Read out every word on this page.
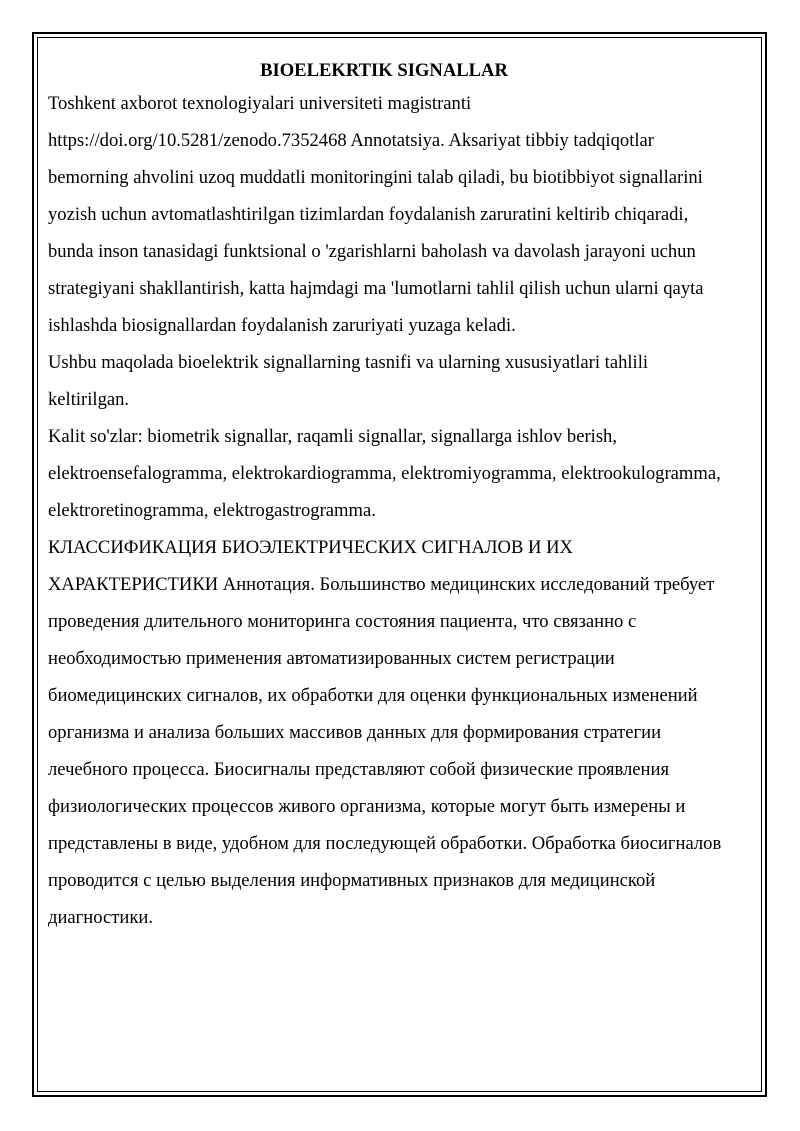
BIOELEKRTIK SIGNALLAR

Toshkent axborot texnologiyalari universiteti magistranti

https://doi.org/10.5281/zenodo.7352468 Annotatsiya. Aksariyat tibbiy tadqiqotlar bemorning ahvolini uzoq muddatli monitoringini talab qiladi, bu biotibbiyot signallarini yozish uchun avtomatlashtirilgan tizimlardan foydalanish zaruratini keltirib chiqaradi, bunda inson tanasidagi funktsional o 'zgarishlarni baholash va davolash jarayoni uchun strategiyani shakllantirish, katta hajmdagi ma 'lumotlarni tahlil qilish uchun ularni qayta ishlashda biosignallardan foydalanish zaruriyati yuzaga keladi.

Ushbu maqolada bioelektrik signallarning tasnifi va ularning xususiyatlari tahlili keltirilgan.

Kalit so'zlar: biometrik signallar, raqamli signallar, signallarga ishlov berish, elektroensefalogramma, elektrokardiogramma, elektromiyogramma, elektrookulogramma, elektroretinogramma, elektrogastrogramma.

КЛАССИФИКАЦИЯ БИОЭЛЕКТРИЧЕСКИХ СИГНАЛОВ И ИХ ХАРАКТЕРИСТИКИ Аннотация. Большинство медицинских исследований требует проведения длительного мониторинга состояния пациента, что связанно с необходимостью применения автоматизированных систем регистрации биомедицинских сигналов, их обработки для оценки функциональных изменений организма и анализа больших массивов данных для формирования стратегии лечебного процесса. Биосигналы представляют собой физические проявления физиологических процессов живого организма, которые могут быть измерены и представлены в виде, удобном для последующей обработки. Обработка биосигналов проводится с целью выделения информативных признаков для медицинской диагностики.
